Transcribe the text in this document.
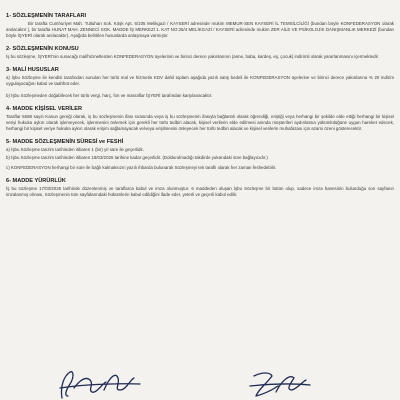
1- SÖZLEŞMENİN TARAFLARI
Bir tarafta Cumhuriyet Mah. Tutluhan Sok. Köşk Apt. 6/105 Melikgazi / KAYSERİ adresinde mukim MEMUR-SEN KAYSERİ İL TEMSİLCİLİĞİ (bundan böyle KONFEDERASYON olarak anılacaktır ), bir tarafta HUNAT MAH. ZENNECİ SOK. MADDE İŞ MERKEZİ 1. KAT NO:26/4 MELİKGAZİ / KAYSERİ adresinde mukim ZER AİLE VE PSİKOLOJİK DANIŞMANLIK MERKEZİ (bundan böyle İŞYERİ olarak anılacaktır). Aşağıda belirtilen hususlarda anlaşmaya varmıştır.
2- SÖZLEŞMENİN KONUSU
İş bu sözleşme, İŞYERİ'nin sunacağı mal/hizmetlerden KONFEDERASYON üyelerinin ve birinci derece yakınlarının (anne, baba, kardeş, eş, çocuk) indirimli olarak yararlanmasını içermektedir.
3- MALİ HUSUSLAR
a) İşbu Sözleşme ile kendisi tarafından sunulan her türlü mal ve hizmetin KDV dahil toplam aşağıda yazılı satış bedeli ile KONFEDERASYON üyelerine ve birinci derece yakınlarına % 20 indirim uygulayacağını kabul ve taahhüt eder.
b) İşbu Sözleşmeden doğabilecek her türlü vergi, harç, fon ve masraflar İŞYERİ tarafından karşılanacaktır.
4- MADDE KİŞİSEL VERİLER
Taraflar 6698 sayılı Kanun gereği olarak, iş bu sözleşmenin ifası sırasında veya iş bu sözleşmenin ifasıyla bağlantılı olarak öğrendiği, eriştiği veya herhangi bir şekilde elde ettiği herhangi bir kişisel veriyi hukuka aykırı olarak işlemeyecek, işlenmesini önlemek için gerekli her türlü tedbiri alacak, kişisel verilerin elde edilmesi anında müşterileri aydınlatma yükümlülüğüne uygun hareket edecek, herhangi bir kişisel veriye hukuka aykırı olarak erişim sağlamayacak ve/veya erişilmesini önleyecek her türlü tedbiri alacak ve kişisel verilerin muhafazası için azami özeni gösterecektir.
5- MADDE SÖZLEŞMENİN SÜRESİ ve FESHİ
a) İşbu Sözleşme tanzim tarihinden itibaren 1 (bir) yıl süre ile geçerlidir.
b) İşbu Sözleşme tanzim tarihinden itibaren 18/03/2026 tarihine kadar geçerlidir. (Doldurulmadığı takdirde yukarıdaki süre bağlayıcıdır.)
c) KONFEDERASYON herhangi bir süre ile bağlı kalmaksızın yazılı ihbarda bulunarak Sözleşmeyi tek taraflı olarak her zaman feshedebilir.
6- MADDE YÜRÜRLÜK
İş bu sözleşme 17/03/2025 tarihinde düzenlenmiş ve taraflarca kabul ve imza olunmuştur. 6 maddeden oluşan İşbu Sözleşme bir bütün olup, sadece imza hanesinin bulunduğu son sayfanın imzalanmış olması, Sözleşmenin tüm sayfalarındaki hükümlerin kabul edildiğini ifade eder, yeterli ve geçerli kabul edilir.
